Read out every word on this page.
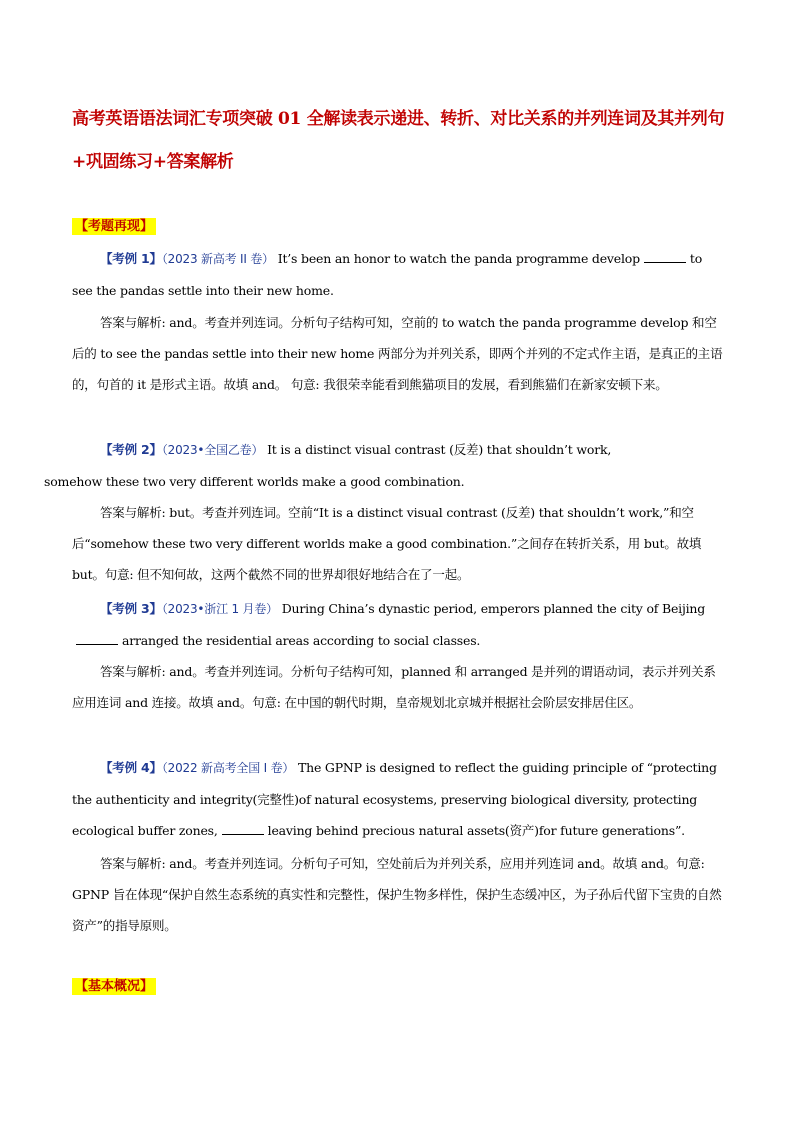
高考英语语法词汇专项突破 01 全解读表示递进、转折、对比关系的并列连词及其并列句+巩固练习+答案解析
【考题再现】
【考例 1】（2023 新高考 II 卷） It’s been an honor to watch the panda programme develop	to see the pandas settle into their new home.
答案与解析: and。考查并列连词。分析句子结构可知，空前的 to watch the panda programme develop 和空后的 to see the pandas settle into their new home 两部分为并列关系，即两个并列的不定式作主语，是真正的主语的，句首的 it 是形式主语。故填 and。 句意: 我很荣幸能看到熊猫项目的发展，看到熊猫们在新家安顿下来。
【考例 2】（2023•全国乙卷） It is a distinct visual contrast (反差) that shouldn’t work,
somehow these two very different worlds make a good combination.
答案与解析: but。考查并列连词。空前“It is a distinct visual contrast (反差) that shouldn’t work,”和空后“somehow these two very different worlds make a good combination.”之间存在转折关系，用 but。故填 but。句意: 但不知何故，这两个截然不同的世界却很好地结合在了一起。
【考例 3】（2023•浙江 1 月卷） During China’s dynastic period, emperors planned the city of Beijingarranged the residential areas according to social classes.
答案与解析: and。考查并列连词。分析句子结构可知，planned 和 arranged 是并列的谓语动词，表示并列关系应用连词 and 连接。故填 and。句意: 在中国的朝代时期，皇帝规划北京城并根据社会阶层安排居住区。
【考例 4】（2022 新高考全国 I 卷） The GPNP is designed to reflect the guiding principle of “protecting the authenticity and integrity(完整性)of natural ecosystems, preserving biological diversity, protecting ecological buffer zones,	leaving behind precious natural assets(资产)for future generations”.
答案与解析: and。考查并列连词。分析句子可知，空处前后为并列关系，应用并列连词 and。故填 and。句意: GPNP 旨在体现“保护自然生态系统的真实性和完整性，保护生物多样性，保护生态缓冲区，为子孙后代留下宝贵的自然资产”的指导原则。
【基本概况】
